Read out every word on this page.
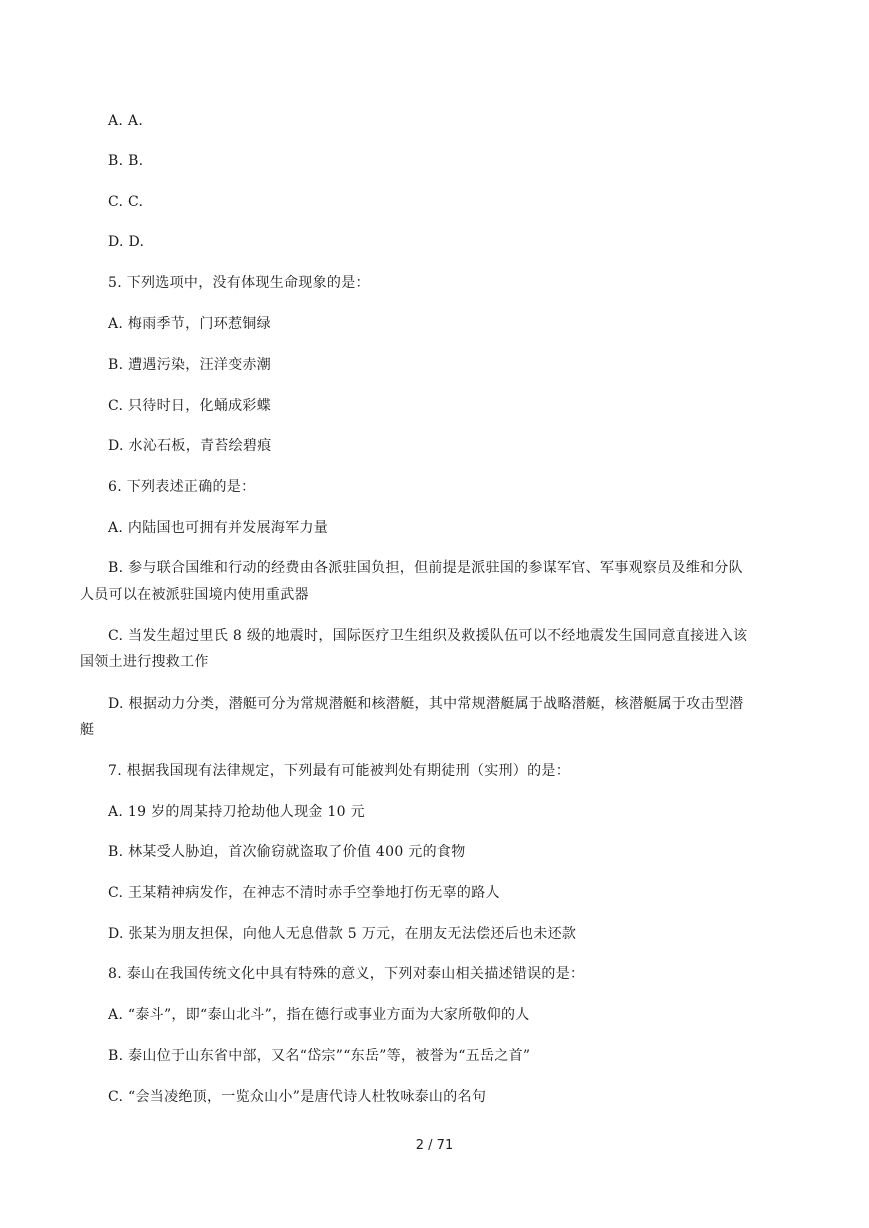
A. A.
B. B.
C. C.
D. D.
5. 下列选项中，没有体现生命现象的是：
A. 梅雨季节，门环惹铜绿
B. 遭遇污染，汪洋变赤潮
C. 只待时日，化蛹成彩蝶
D. 水沁石板，青苔绘碧痕
6. 下列表述正确的是：
A. 内陆国也可拥有并发展海军力量
B. 参与联合国维和行动的经费由各派驻国负担，但前提是派驻国的参谋军官、军事观察员及维和分队
人员可以在被派驻国境内使用重武器
C. 当发生超过里氏 8 级的地震时，国际医疗卫生组织及救援队伍可以不经地震发生国同意直接进入该
国领土进行搜救工作
D. 根据动力分类，潜艇可分为常规潜艇和核潜艇，其中常规潜艇属于战略潜艇，核潜艇属于攻击型潜
艇
7. 根据我国现有法律规定，下列最有可能被判处有期徒刑（实刑）的是：
A. 19 岁的周某持刀抢劫他人现金 10 元
B. 林某受人胁迫，首次偷窃就盗取了价值 400 元的食物
C. 王某精神病发作，在神志不清时赤手空拳地打伤无辜的路人
D. 张某为朋友担保，向他人无息借款 5 万元，在朋友无法偿还后也未还款
8. 泰山在我国传统文化中具有特殊的意义，下列对泰山相关描述错误的是：
A. “泰斗”，即“泰山北斗”，指在德行或事业方面为大家所敬仰的人
B. 泰山位于山东省中部，又名“岱宗”“东岳”等，被誉为“五岳之首”
C. “会当凌绝顶，一览众山小”是唐代诗人杜牧咏泰山的名句
2 / 71
